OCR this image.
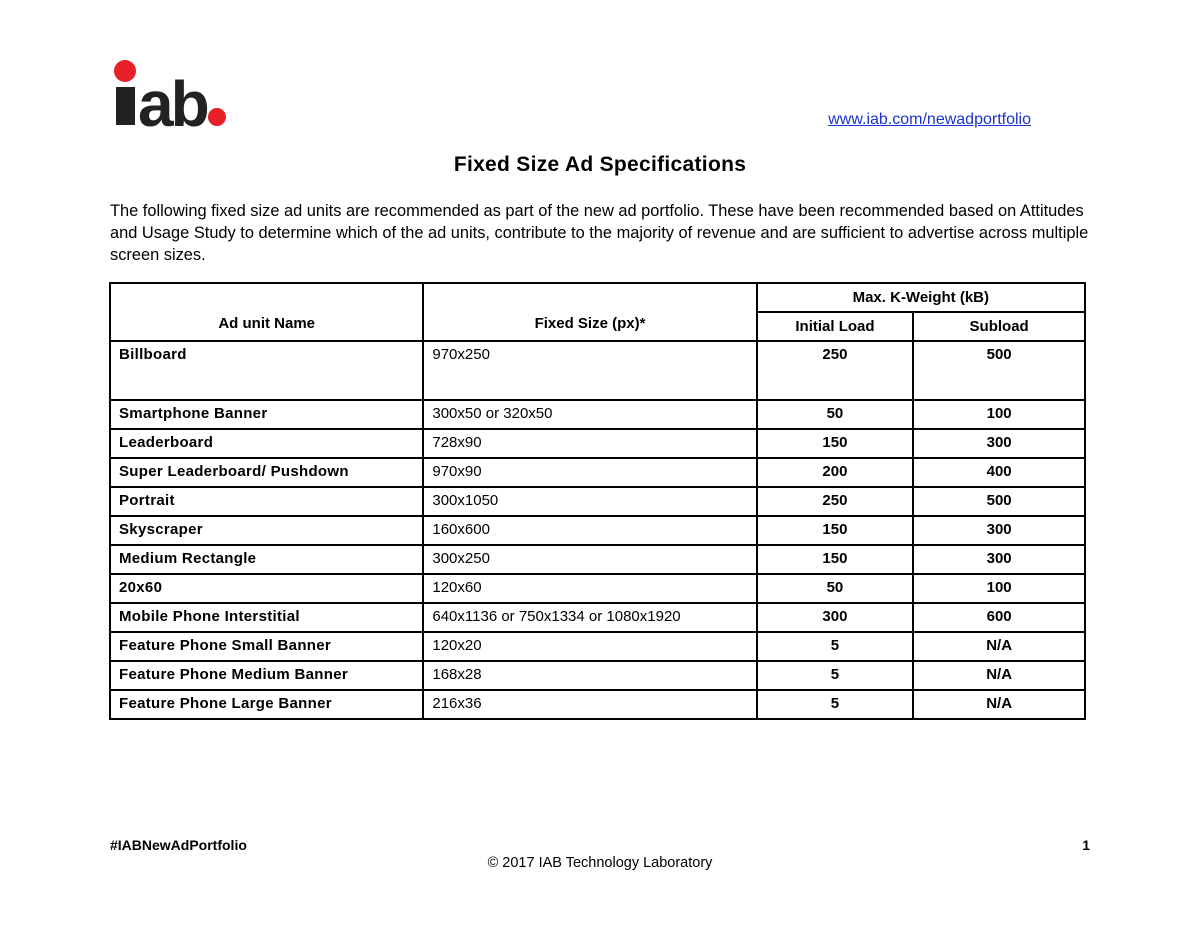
ab	www.iab.com/newadportfolio
Fixed Size Ad Specifications

The following fixed size ad units are recommended as part of the new ad portfolio. These have been recommended based on Attitudes and Usage Study to determine which of the ad units, contribute to the majority of revenue and are sufficient to advertise across multiple screen sizes.

Ad unit Name	Fixed Size (px)*	Max. K-Weight (kB)	
		Initial Load	Subload
Billboard	970x250	250	500
Smartphone Banner	300x50 or 320x50	50	100
Leaderboard	728x90	150	300
Super Leaderboard/ Pushdown	970x90	200	400
Portrait	300x1050	250	500
Skyscraper	160x600	150	300
Medium Rectangle	300x250	150	300
20x60	120x60	50	100
Mobile Phone Interstitial	640x1136 or 750x1334 or 1080x1920	300	600
Feature Phone Small Banner	120x20	5	N/A
Feature Phone Medium Banner	168x28	5	N/A
Feature Phone Large Banner	216x36	5	N/A
#IABNewAdPortfolio	1
© 2017 IAB Technology Laboratory
